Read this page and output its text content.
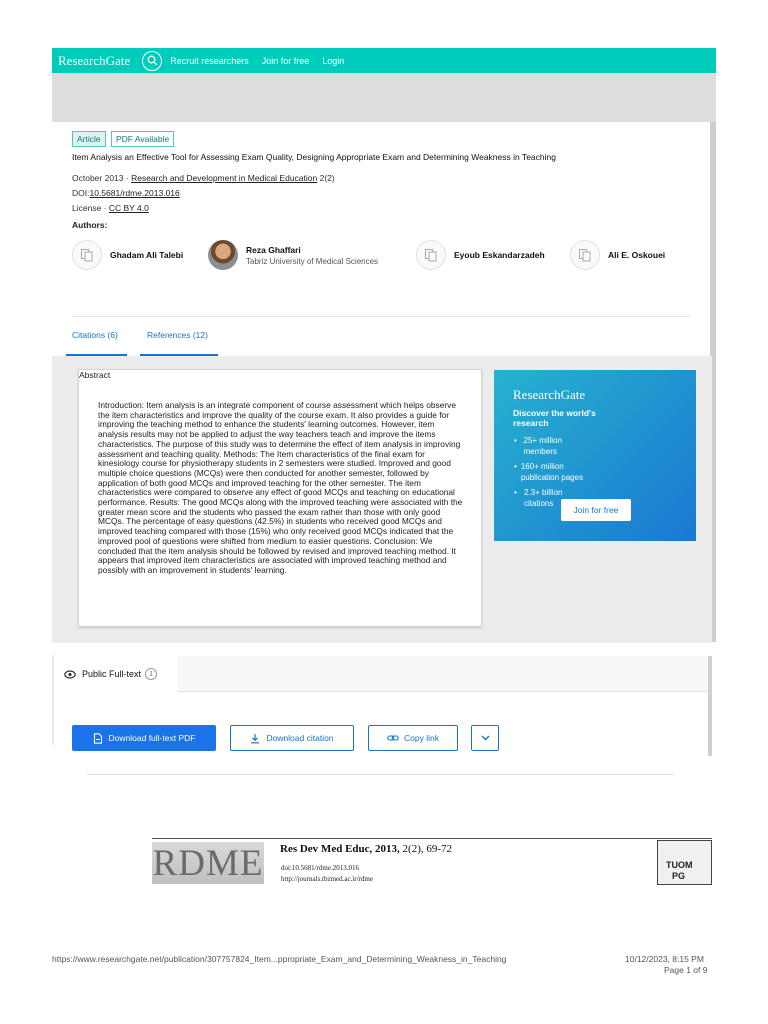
ResearchGate	Recruit researchers Join for free Login
Article	PDF Available
Item Analysis an Effective Tool for Assessing Exam Quality, Designing Appropriate Exam and Determining Weakness in Teaching
October 2013 · Research and Development in Medical Education 2(2)
DOI:10.5681/rdme.2013.016
License · CC BY 4.0
Authors:
Ghadam Ali Talebi
Reza Ghaffari
Tabriz University of Medical Sciences
Eyoub Eskandarzadeh	Ali E. Oskouei
Citations (6)	References (12)
Abstract
Introduction: Item analysis is an integrate component of course assessment which helps observe the item characteristics and improve the quality of the course exam. It also provides a guide for improving the teaching method to enhance the students' learning outcomes. However, item analysis results may not be applied to adjust the way teachers teach and improve the items characteristics. The purpose of this study was to determine the effect of item analysis in improving assessment and teaching quality. Methods: The Item characteristics of the final exam for kinesiology course for physiotherapy students in 2 semesters were studied. Improved and good multiple choice questions (MCQs) were then conducted for another semester, followed by application of both good MCQs and improved teaching for the other semester. The item characteristics were compared to observe any effect of good MCQs and teaching on educational performance. Results: The good MCQs along with the improved teaching were associated with the greater mean score and the students who passed the exam rather than those with only good MCQs. The percentage of easy questions (42.5%) in students who received good MCQs and improved teaching compared with those (15%) who only received good MCQs indicated that the improved pool of questions were shifted from medium to easier questions. Conclusion: We concluded that the item analysis should be followed by revised and improved teaching method. It appears that improved item characteristics are associated with improved teaching method and possibly with an improvement in students' learning.
ResearchGate
Discover the world's research
• 25+ million members
• 160+ million publication pages
• 2.3+ billion citations
Join for free
Public Full-text	1
Download full-text PDF	Download citation	Copy link
RDME Res Dev Med Educ, 2013, 2(2), 69-72
doi:10.5681/rdme.2013.016
http://journals.tbzmed.ac.ir/rdme
TUOM
PG
https://www.researchgate.net/publication/307757824_Item...ppropriate_Exam_and_Determining_Weakness_in_Teaching	10/12/2023, 8:15 PM
Page 1 of 9
